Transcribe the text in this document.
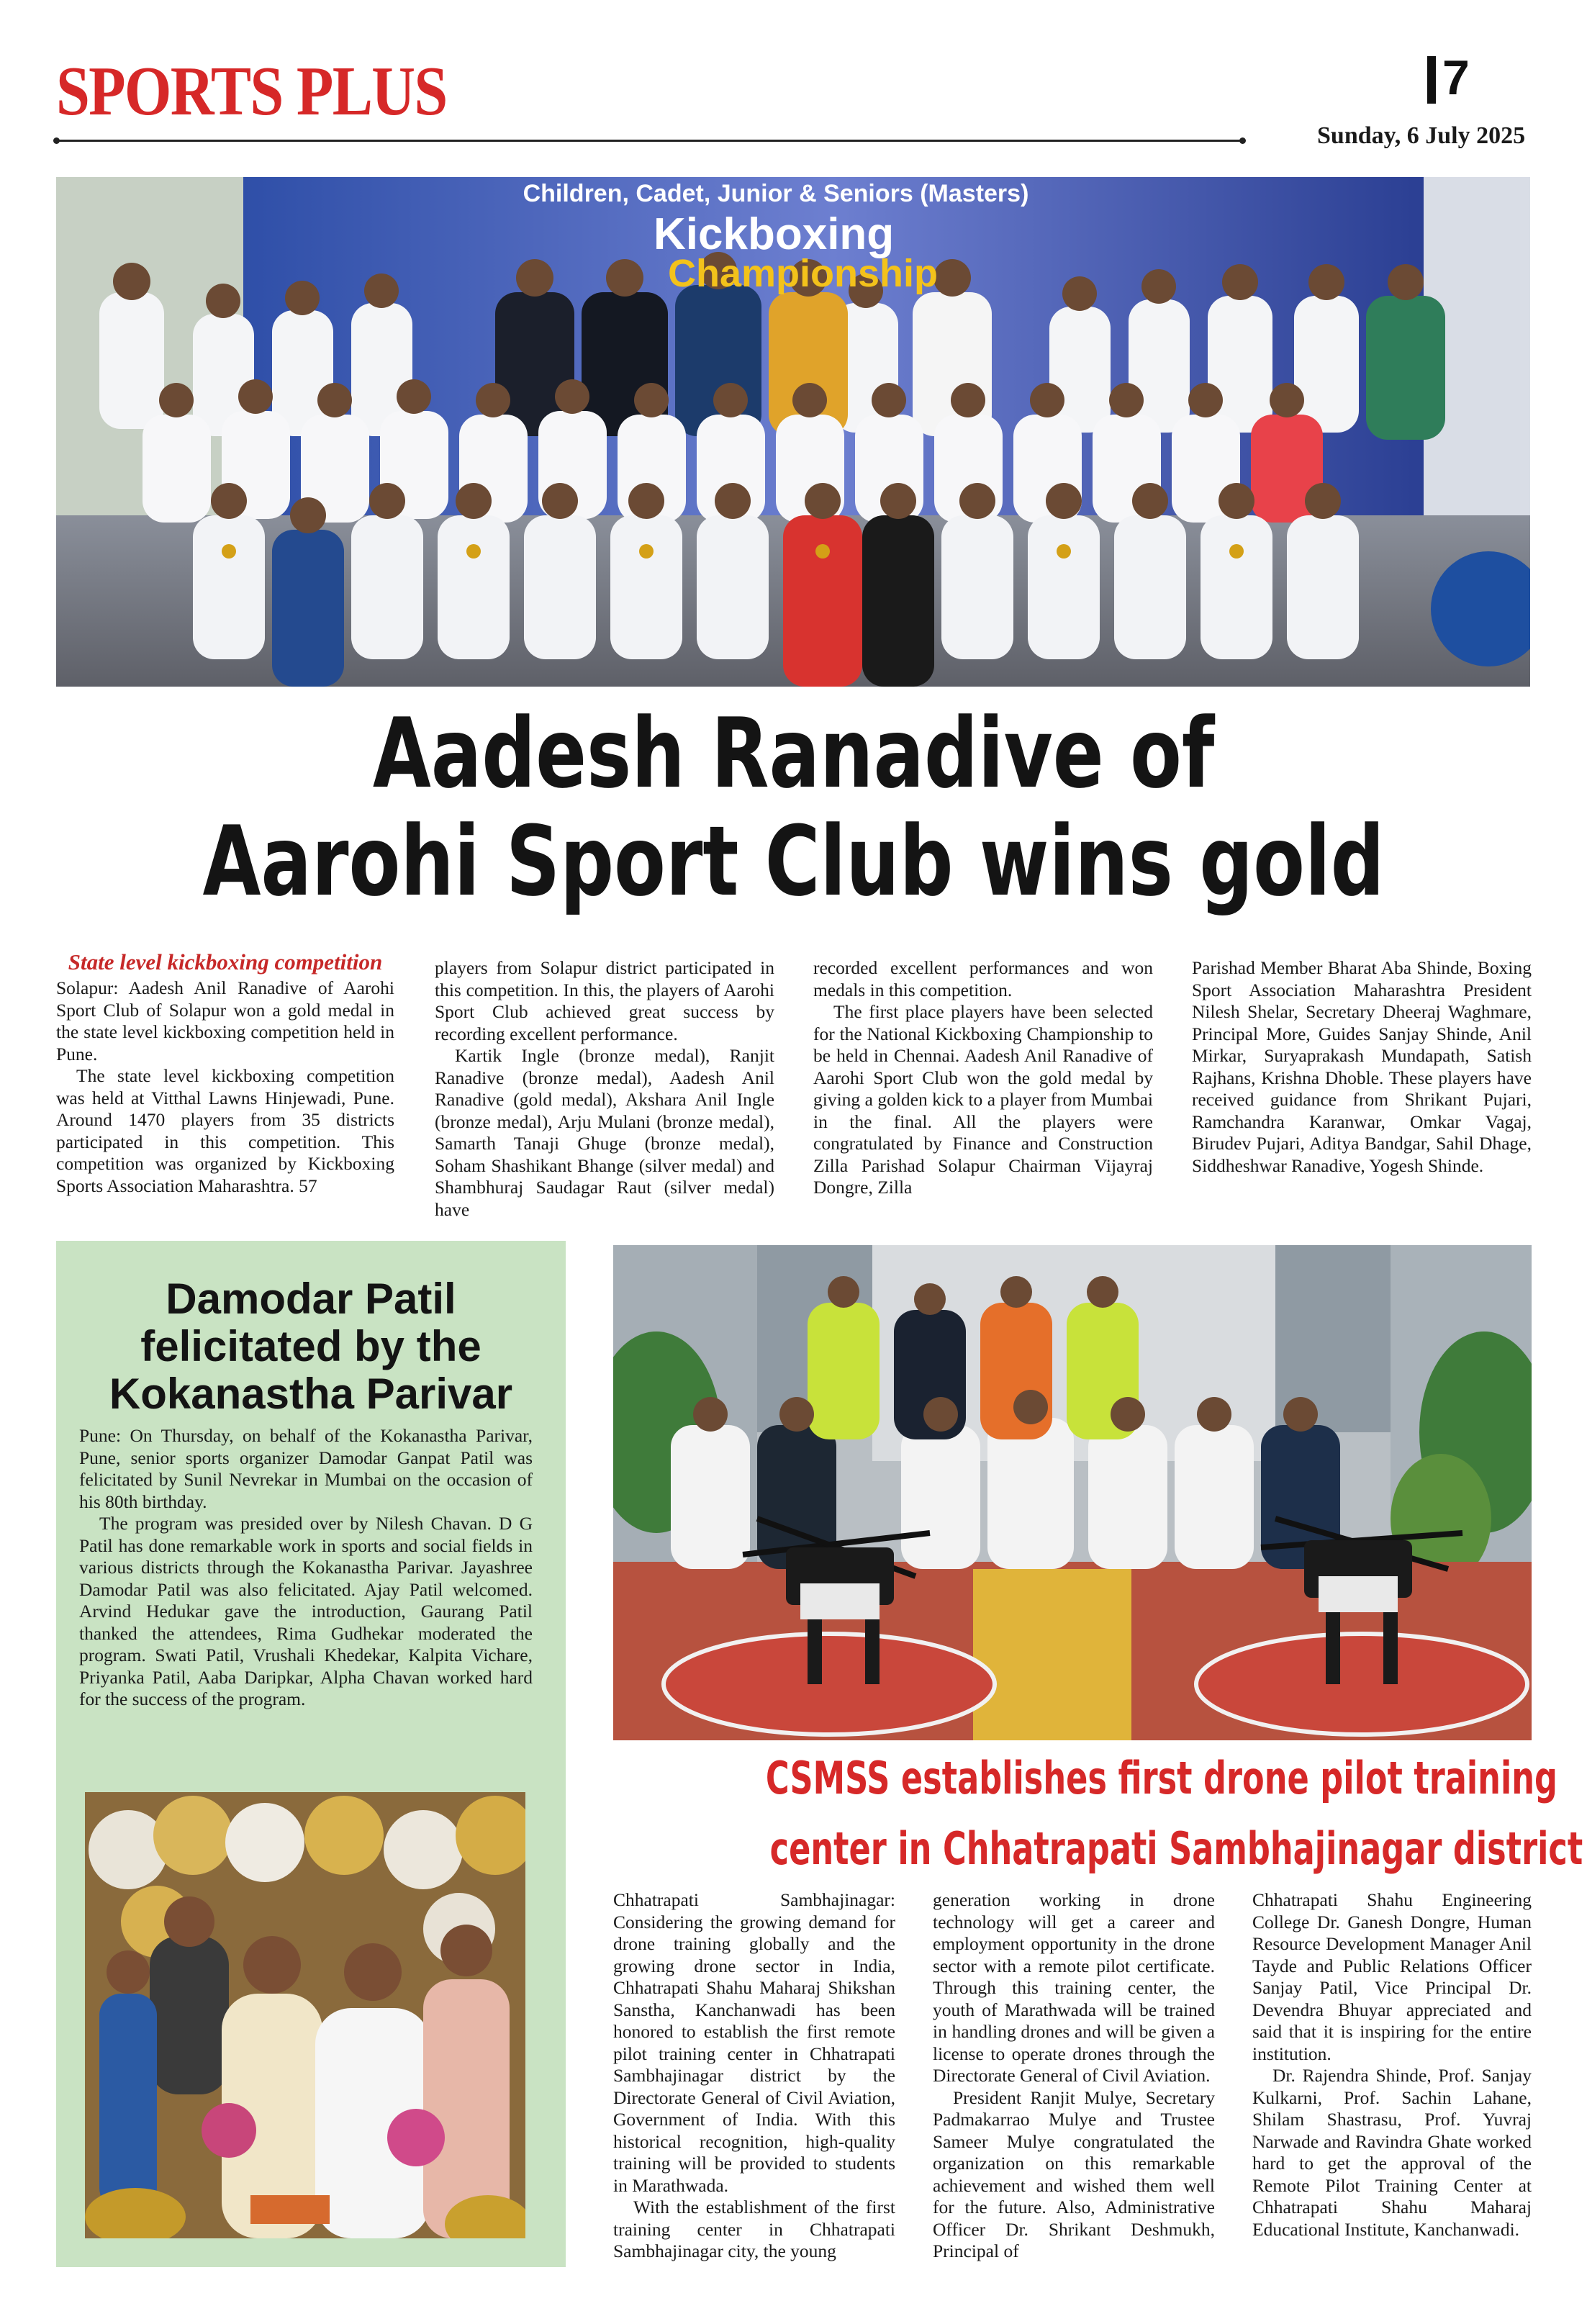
SPORTS PLUS	7
Sunday, 6 July 2025
Children, Cadet, Junior & Seniors (Masters)
Kickboxing
Championship
Aadesh Ranadive of
Aarohi Sport Club wins gold
State level kickboxing competition

Solapur: Aadesh Anil Ranadive of Aarohi Sport Club of Solapur won a gold medal in the state level kickboxing competition held in Pune.

The state level kickboxing competition was held at Vitthal Lawns Hinjewadi, Pune. Around 1470 players from 35 districts participated in this competition. This competition was organized by Kickboxing Sports Association Maharashtra. 57

players from Solapur district participated in this competition. In this, the players of Aarohi Sport Club achieved great success by recording excellent performance.

Kartik Ingle (bronze medal), Ranjit Ranadive (bronze medal), Aadesh Anil Ranadive (gold medal), Akshara Anil Ingle (bronze medal), Arju Mulani (bronze medal), Samarth Tanaji Ghuge (bronze medal), Soham Shashikant Bhange (silver medal) and Shambhuraj Saudagar Raut (silver medal) have

recorded excellent performances and won medals in this competition.

The first place players have been selected for the National Kickboxing Championship to be held in Chennai. Aadesh Anil Ranadive of Aarohi Sport Club won the gold medal by giving a golden kick to a player from Mumbai in the final. All the players were congratulated by Finance and Construction Zilla Parishad Solapur Chairman Vijayraj Dongre, Zilla

Parishad Member Bharat Aba Shinde, Boxing Sport Association Maharashtra President Nilesh Shelar, Secretary Dheeraj Waghmare, Principal More, Guides Sanjay Shinde, Anil Mirkar, Suryaprakash Mundapath, Satish Rajhans, Krishna Dhoble. These players have received guidance from Shrikant Pujari, Ramchandra Karanwar, Omkar Vagaj, Birudev Pujari, Aditya Bandgar, Sahil Dhage, Siddheshwar Ranadive, Yogesh Shinde.

Damodar Patil
felicitated by the
Kokanastha Parivar

Pune: On Thursday, on behalf of the Kokanastha Parivar, Pune, senior sports organizer Damodar Ganpat Patil was felicitated by Sunil Nevrekar in Mumbai on the occasion of his 80th birthday.

The program was presided over by Nilesh Chavan. D G Patil has done remarkable work in sports and social fields in various districts through the Kokanastha Parivar. Jayashree Damodar Patil was also felicitated. Ajay Patil welcomed. Arvind Hedukar gave the introduction, Gaurang Patil thanked the attendees, Rima Gudhekar moderated the program. Swati Patil, Vrushali Khedekar, Kalpita Vichare, Priyanka Patil, Aaba Daripkar, Alpha Chavan worked hard for the success of the program.

CSMSS establishes first drone pilot training
center in Chhatrapati Sambhajinagar district

Chhatrapati Sambhajinagar: Considering the growing demand for drone training globally and the growing drone sector in India, Chhatrapati Shahu Maharaj Shikshan Sanstha, Kanchanwadi has been honored to establish the first remote pilot training center in Chhatrapati Sambhajinagar district by the Directorate General of Civil Aviation, Government of India. With this historical recognition, high-quality training will be provided to students in Marathwada.

With the establishment of the first training center in Chhatrapati Sambhajinagar city, the young

generation working in drone technology will get a career and employment opportunity in the drone sector with a remote pilot certificate. Through this training center, the youth of Marathwada will be trained in handling drones and will be given a license to operate drones through the Directorate General of Civil Aviation.

President Ranjit Mulye, Secretary Padmakarrao Mulye and Trustee Sameer Mulye congratulated the organization on this remarkable achievement and wished them well for the future. Also, Administrative Officer Dr. Shrikant Deshmukh, Principal of

Chhatrapati Shahu Engineering College Dr. Ganesh Dongre, Human Resource Development Manager Anil Tayde and Public Relations Officer Sanjay Patil, Vice Principal Dr. Devendra Bhuyar appreciated and said that it is inspiring for the entire institution.

Dr. Rajendra Shinde, Prof. Sanjay Kulkarni, Prof. Sachin Lahane, Shilam Shastrasu, Prof. Yuvraj Narwade and Ravindra Ghate worked hard to get the approval of the Remote Pilot Training Center at Chhatrapati Shahu Maharaj Educational Institute, Kanchanwadi.
